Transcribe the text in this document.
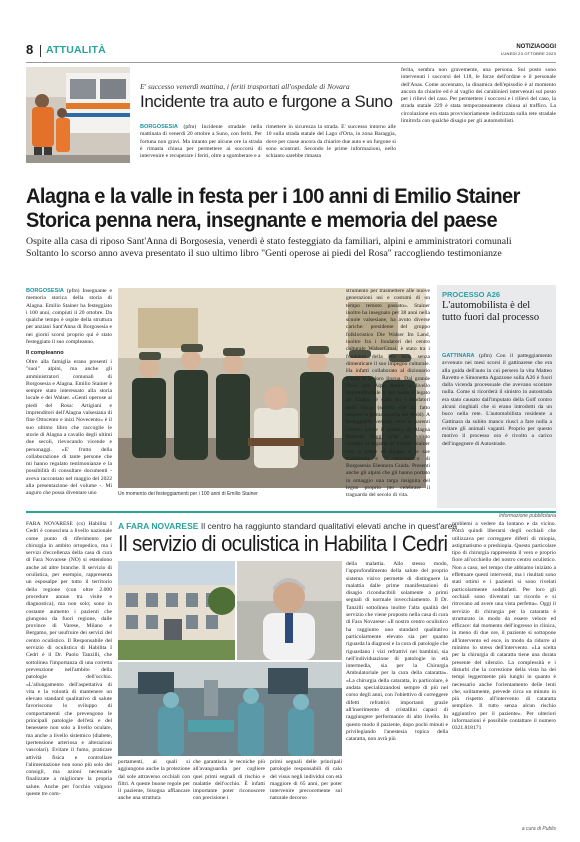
8 ATTUALITÀ	NOTIZIAOGGI
LUNEDÌ 23 OTTOBRE 2023
E' successo venerdì mattina, i feriti trasportati all'ospedale di Novara
Incidente tra auto e furgone a Suno
BORGOSESIA (pfm) Incidente stradale nella mattinata di venerdì 20 ottobre a Suno, con feriti. Per fortuna non gravi. Ma intanto per alcune ore la strada è rimasta chiusa per permettere ai soccorsi di intervenire e recuperare i feriti, oltre a sgomberare e a
rimettere in sicurezza la strada. E' successo intorno alle 10 sulla strada statale del Lago d'Orta, in zona Baraggia, dove per cause ancora da chiarire due auto e un furgone si sono scontrati. Secondo le prime informazioni, nello schianto sarebbe rimasta
ferita, sembra non gravemente, una persona. Sul posto sono intervenuti i soccorsi del 118, le forze dell'ordine e il personale dell'Anas. Come accennato, la dinamica dell'episodio è al momento ancora da chiarire ed è al vaglio dei carabinieri intervenuti sul posto per i rilievi del caso. Per permettere i soccorsi e i rilievi del caso, la strada statale 229 è stata temporaneamente chiusa al traffico. La circolazione era stata provvisoriamente indirizzata sulla rete stradale limitrofa con qualche disagio per gli automobilisti.
Alagna e la valle in festa per i 100 anni di Emilio Stainer
Storica penna nera, insegnante e memoria del paese
Ospite alla casa di riposo Sant'Anna di Borgosesia, venerdì è stato festeggiato da familiari, alpini e amministratori comunali
Soltanto lo scorso anno aveva presentato il suo ultimo libro "Genti operose ai piedi del Rosa" raccogliendo testimonianze
BORGOSESIA (pfm) Insegnante e memoria storica della storia di Alagna. Emilio Stainer ha festeggiato i 100 anni, compiuti il 20 ottobre. Da qualche tempo è ospite della struttura per anziani Sant'Anna di Borgosesia e nei giorni scorsi proprio qui è stato festeggiato il suo compleanno.
Il compleanno
Oltre alla famiglia erano presenti i "suoi" alpini, ma anche gli amministratori comunali di Borgosesia e Alagna. Emilio Stainer è sempre stato interessato alla storia locale e dei Walser. «Genti operose ai piedi del Rosa: Artigiani e imprenditori dell'Alagna valsesiana di fine Ottocento e inizi Novecento» è il suo ultimo libro che raccoglie le storie di Alagna a cavallo degli ultimi due secoli, rievocando vicende e personaggi. «E' frutto della collaborazione di tante persone che mi hanno regalato testimonianze e la possibilità di consultare documenti - aveva raccontato nel maggio del 2022 alla presentazione del volume -. Mi auguro che possa diventare uno	Un momento dei festeggiamenti per i 100 anni di Emilio Stainer
strumento per trasmettere alle nuove generazioni usi e costumi di un tempo remoto passato». Stainer inoltre ha insegnato per 38 anni nella scuole valsesiane, ha avuto diverse cariche: presidente del gruppo folkloristico Die Walser Im Land, inoltre fra i fondatori del centro culturale WalserGmai, è stato tra i fondatori della Pro loco, senza dimenticare il suo impegno culturale. Ha infatti collaborato al dizionario walser e la loro lingua. Dal grande Nord alle Alpi. Anche a livello imprenditoriale il suo nome è legato ad Alagna, è stato tra i fondatori della Sezsa (società che ha fatto nascere la prima sciovia del Wold). A festeggiarlo venerdì oltre ai parenti c'erano anche il sindaco di Alagna Roberto Veggi (che ha voluto ribadire il legame di Emilio Stainer con il paese di Alagna e le sue tradizioni) e il vicesindaco di Borgosesia Eleonora Guida. Presenti anche gli alpini che gli hanno portato in omaggio una targa insignita del legno proprio per celebrare il traguardo del secolo di vita.
PROCESSO A26
L'automobilista è del tutto fuori dal processo
GATTINARA (pfm) Con il patteggiamento avvenuto nei mesi scorsi il gattinarese che era alla guida dell'auto in cui persero la vita Matteo Ravetto e Simonetta Agazzone sulla A26 è fuori dalla vicenda processuale che avevano scontare nulla. Come si ricorderà il sinistro in autostrada era stato causato dall'imputato della Golf contro alcuni cinghiali che si erano introdotti da un buco nella rete. L'automobilista residente a Gattinara da subito manco riuscì a fare nulla a evitare gli animali vaganti. Proprio per questo motivo il processo ora è rivolto a carico dell'ingegnere di Autostrade.
Informazione pubblicitaria
FARA NOVARESE (cs) Habilita I Cedri è conosciuta a livello nazionale come punto di riferimento per chirurgia in ambito ortopedico, ma i servizi d'eccellenza della casa di cura di Fara Novarese (NO) si estendono anche ad altre branche. Il servizio di oculistica, per esempio, rappresenta un esposalpe per tutto il territorio della regione (con oltre 2.000 procedure annue tra visite e diagnostica), ma non solo; sono in costante aumento i pazienti che giungono da fuori regione, dalle province di Varese, Milano e Bergamo, per usufruire dei servizi del centro oculistico. Il Responsabile del servizio di oculistica di Habilita I Cedri è il Dr. Paolo Tanzilli, che sottolinea l'importanza di una corretta prevenzione nell'ambito della patologie dell'occhio. «L'allungamento dell'aspettativa di vita e la volontà di mantenere un elevato standard qualitativo di salute favoriscono lo sviluppo di comportamenti che prevengono le principali patologie dell'età e del benessere non solo a livello oculare, ma anche a livello sistemico (diabete, ipertensione arteriosa e alterazioni vascolari). Evitare il fumo, praticare attività fisica e controllare l'alimentazione non sono più solo dei consigli, ma azioni necessarie finalizzate a migliorare la propria salute. Anche per l'occhio valgono queste tre com-
A FARA NOVARESE Il centro ha raggiunto standard qualitativi elevati anche in quest'area
Il servizio di oculistica in Habilita I Cedri
portamenti, ai quali si aggiungono anche la protezione dal sole attraverso occhiali con filtri. A queste buone regole per il paziente, bisogna affiancare anche una struttura
che garantisca le tecniche più all'avanguardia per cogliere quei primi segnali di rischio e malattie dell'occhio. È infatti importante poter riconoscere con precisione i
primi segnali delle principali patologie responsabili di calo del visus negli individui con età maggiore di 65 anni, per poter intervenire precocemente sul naturale decorso
della malattia. Allo stesso modo, l'approfondimento della salute del proprio sistema visivo permette di distinguere la malattia dalle prime manifestazioni di disagio riconducibili solamente a primi segnali di normale invecchiamento. Il Dr. Tanzilli sottolinea inoltre l'alta qualità del servizio che viene proposto nella casa di cura di Fara Novarese: «Il nostro centro oculistico ha raggiunto uno standard qualitativo particolarmente elevato sia per quanto riguarda la diagnosi e la cura di patologie che riguardano i vizi refrattivi nei bambini, sia nell'individuazione di patologie in età intermedia, sia per la Chirurgia Ambulatoriale per la cura della cataratta». «La chirurgia della cataratta, in particolare, è andata specializzandosi sempre di più nel corso degli anni, con l'obiettivo di correggere difetti refrattivi importanti grazie all'inserimento di cristallini capaci di raggiungere performance di alto livello. In questo modo il paziente, dopo pochi minuti e privilegiando l'anestesia topica della cataratta, non avrà più
problemi a vedere da lontano e da vicino. Potrà quindi liberarsi degli occhiali che utilizzava per correggere difetti di miopia, astigmatismo o presbiopia. Questo particolare tipo di chirurgia rappresenta il vero e proprio fiore all'occhiello del nostro centro oculistico. Non a caso, nel tempo che abbiamo iniziato a effettuare questi interventi, ma i risultati sono stati ottimi e i pazienti si sono rivelati particolarmente soddisfatti. Per loro gli occhiali sono diventati un ricordo e si ritrovano ad avere una vista perfetta». Oggi il servizio di chirurgia per la cataratta è strutturato in modo da essere veloce ed efficace: dal momento dell'ingresso in clinica, in meno di due ore, il paziente si sottopone all'intervento ed esce, in modo da ridurre al minimo lo stress dell'intervento. «La scelta per la chirurgia di cataratta tiene una durata presente del silenzio. La complessità e i disturbi che la correzione della vista ha dei tempi leggermente più lunghi in quanto è necessario anche l'orientamento delle lenti che, solitamente, prevede circa un minuto in più rispetto all'intervento di cataratta semplice. Il tutto senza alcun rischio aggiuntivo per il paziente». Per ulteriori informazioni è possibile contattare il numero 0321.818171
a cura di Publis
